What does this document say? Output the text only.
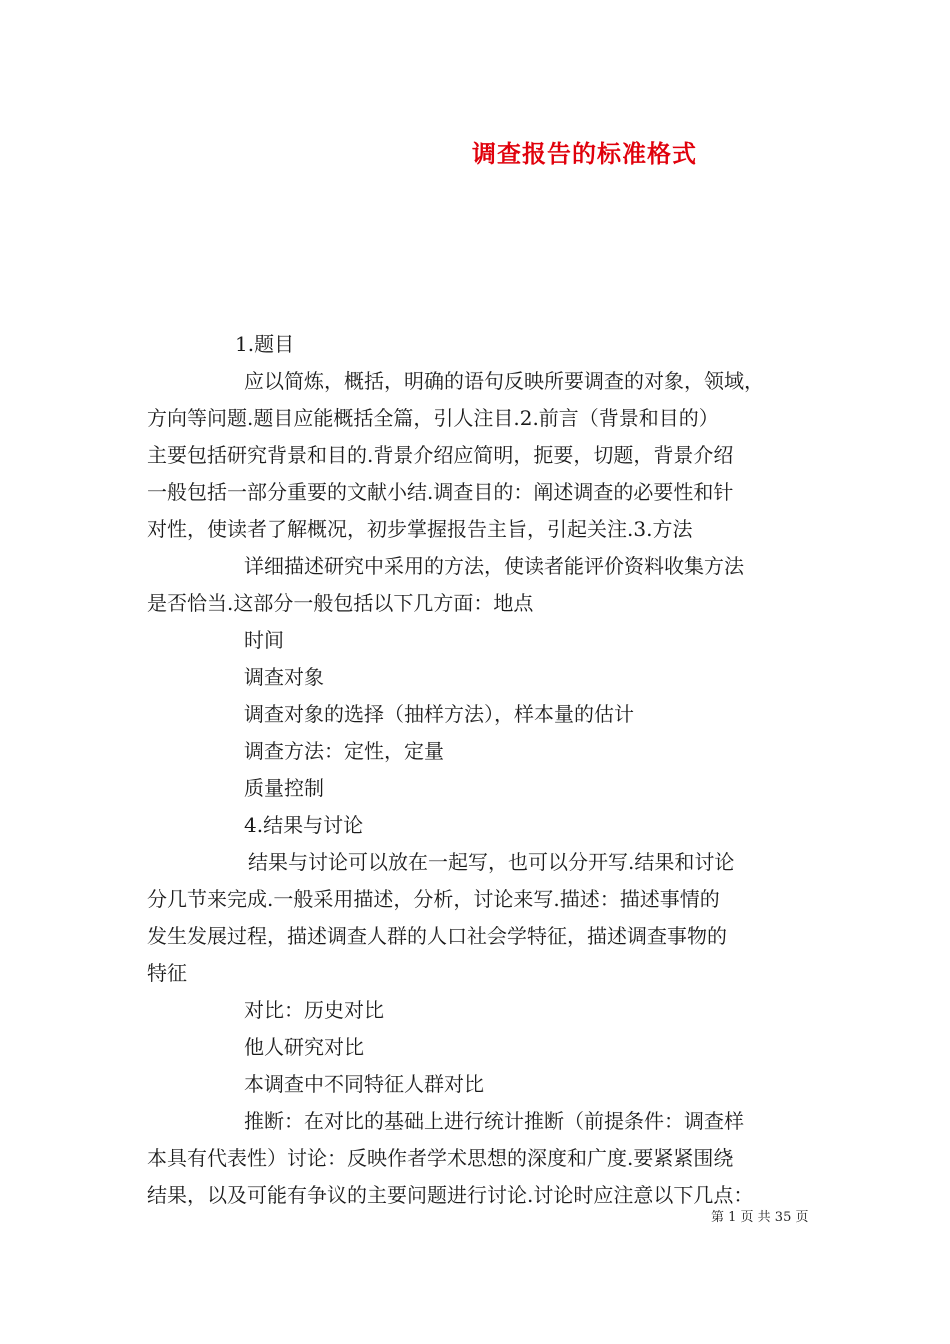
调查报告的标准格式
1.题目
应以简炼，概括，明确的语句反映所要调查的对象，领域，
方向等问题.题目应能概括全篇，引人注目.2.前言（背景和目的）
主要包括研究背景和目的.背景介绍应简明，扼要，切题，背景介绍
一般包括一部分重要的文献小结.调查目的：阐述调查的必要性和针
对性，使读者了解概况，初步掌握报告主旨，引起关注.3.方法
详细描述研究中采用的方法，使读者能评价资料收集方法
是否恰当.这部分一般包括以下几方面：地点
时间
调查对象
调查对象的选择（抽样方法），样本量的估计
调查方法：定性，定量
质量控制
4.结果与讨论
结果与讨论可以放在一起写，也可以分开写.结果和讨论
分几节来完成.一般采用描述，分析，讨论来写.描述：描述事情的
发生发展过程，描述调查人群的人口社会学特征，描述调查事物的
特征
对比：历史对比
他人研究对比
本调查中不同特征人群对比
推断：在对比的基础上进行统计推断（前提条件：调查样
本具有代表性）讨论：反映作者学术思想的深度和广度.要紧紧围绕
结果，以及可能有争议的主要问题进行讨论.讨论时应注意以下几点：
第 1 页 共 35 页
